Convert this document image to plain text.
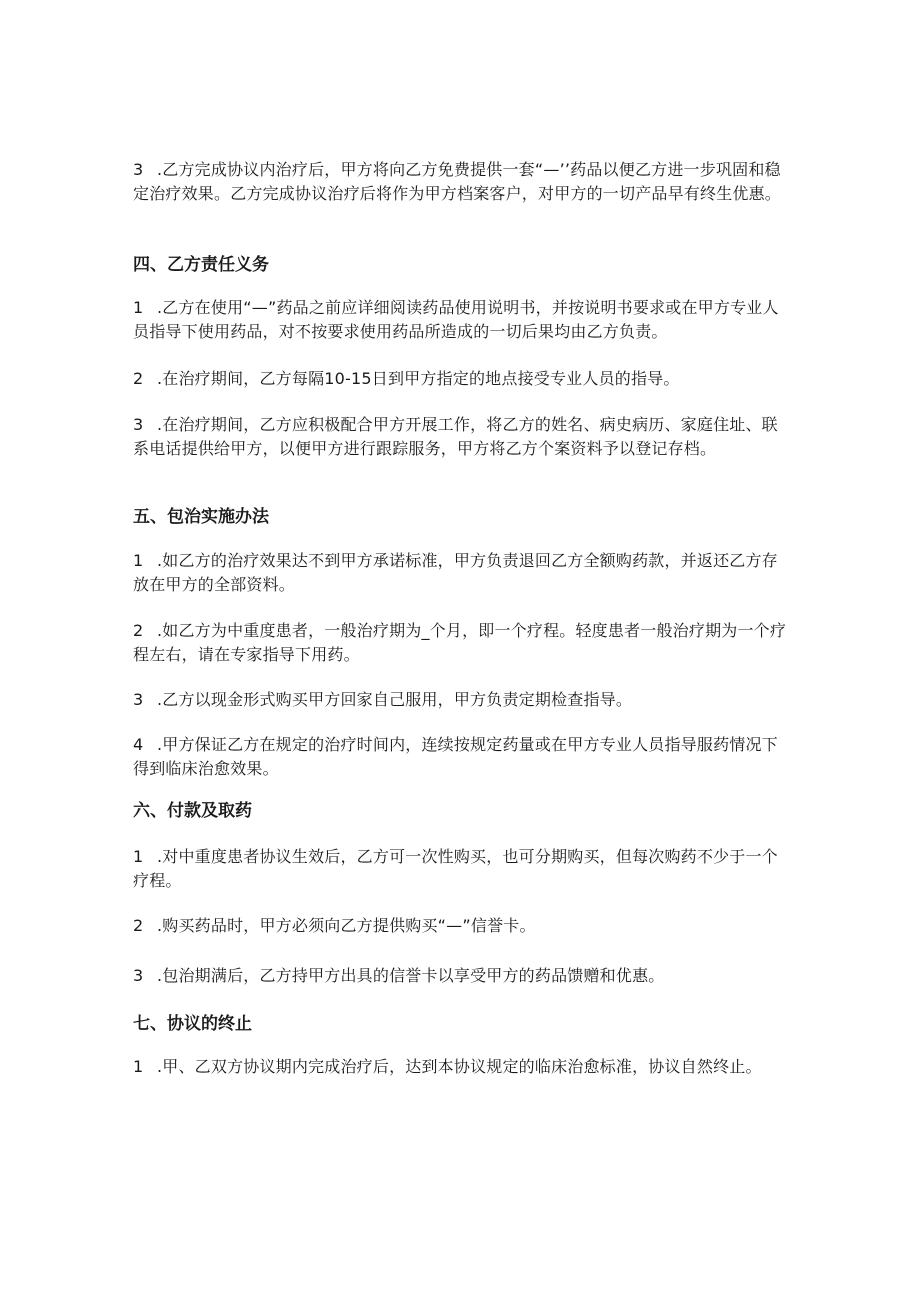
3 .乙方完成协议内治疗后，甲方将向乙方免费提供一套“—’’药品以便乙方进一步巩固和稳定治疗效果。乙方完成协议治疗后将作为甲方档案客户，对甲方的一切产品早有终生优惠。

四、乙方责任义务

1 .乙方在使用“—”药品之前应详细阅读药品使用说明书，并按说明书要求或在甲方专业人员指导下使用药品，对不按要求使用药品所造成的一切后果均由乙方负责。

2 .在治疗期间，乙方每隔10-15日到甲方指定的地点接受专业人员的指导。

3 .在治疗期间，乙方应积极配合甲方开展工作，将乙方的姓名、病史病历、家庭住址、联系电话提供给甲方，以便甲方进行跟踪服务，甲方将乙方个案资料予以登记存档。

五、包治实施办法

1 .如乙方的治疗效果达不到甲方承诺标准，甲方负责退回乙方全额购药款，并返还乙方存放在甲方的全部资料。

2 .如乙方为中重度患者，一般治疗期为_个月，即一个疗程。轻度患者一般治疗期为一个疗程左右，请在专家指导下用药。

3 .乙方以现金形式购买甲方回家自己服用，甲方负责定期检查指导。

4 .甲方保证乙方在规定的治疗时间内，连续按规定药量或在甲方专业人员指导服药情况下得到临床治愈效果。

六、付款及取药

1 .对中重度患者协议生效后，乙方可一次性购买，也可分期购买，但每次购药不少于一个疗程。

2 .购买药品时，甲方必须向乙方提供购买“—”信誉卡。

3 .包治期满后，乙方持甲方出具的信誉卡以享受甲方的药品馈赠和优惠。

七、协议的终止

1 .甲、乙双方协议期内完成治疗后，达到本协议规定的临床治愈标准，协议自然终止。
